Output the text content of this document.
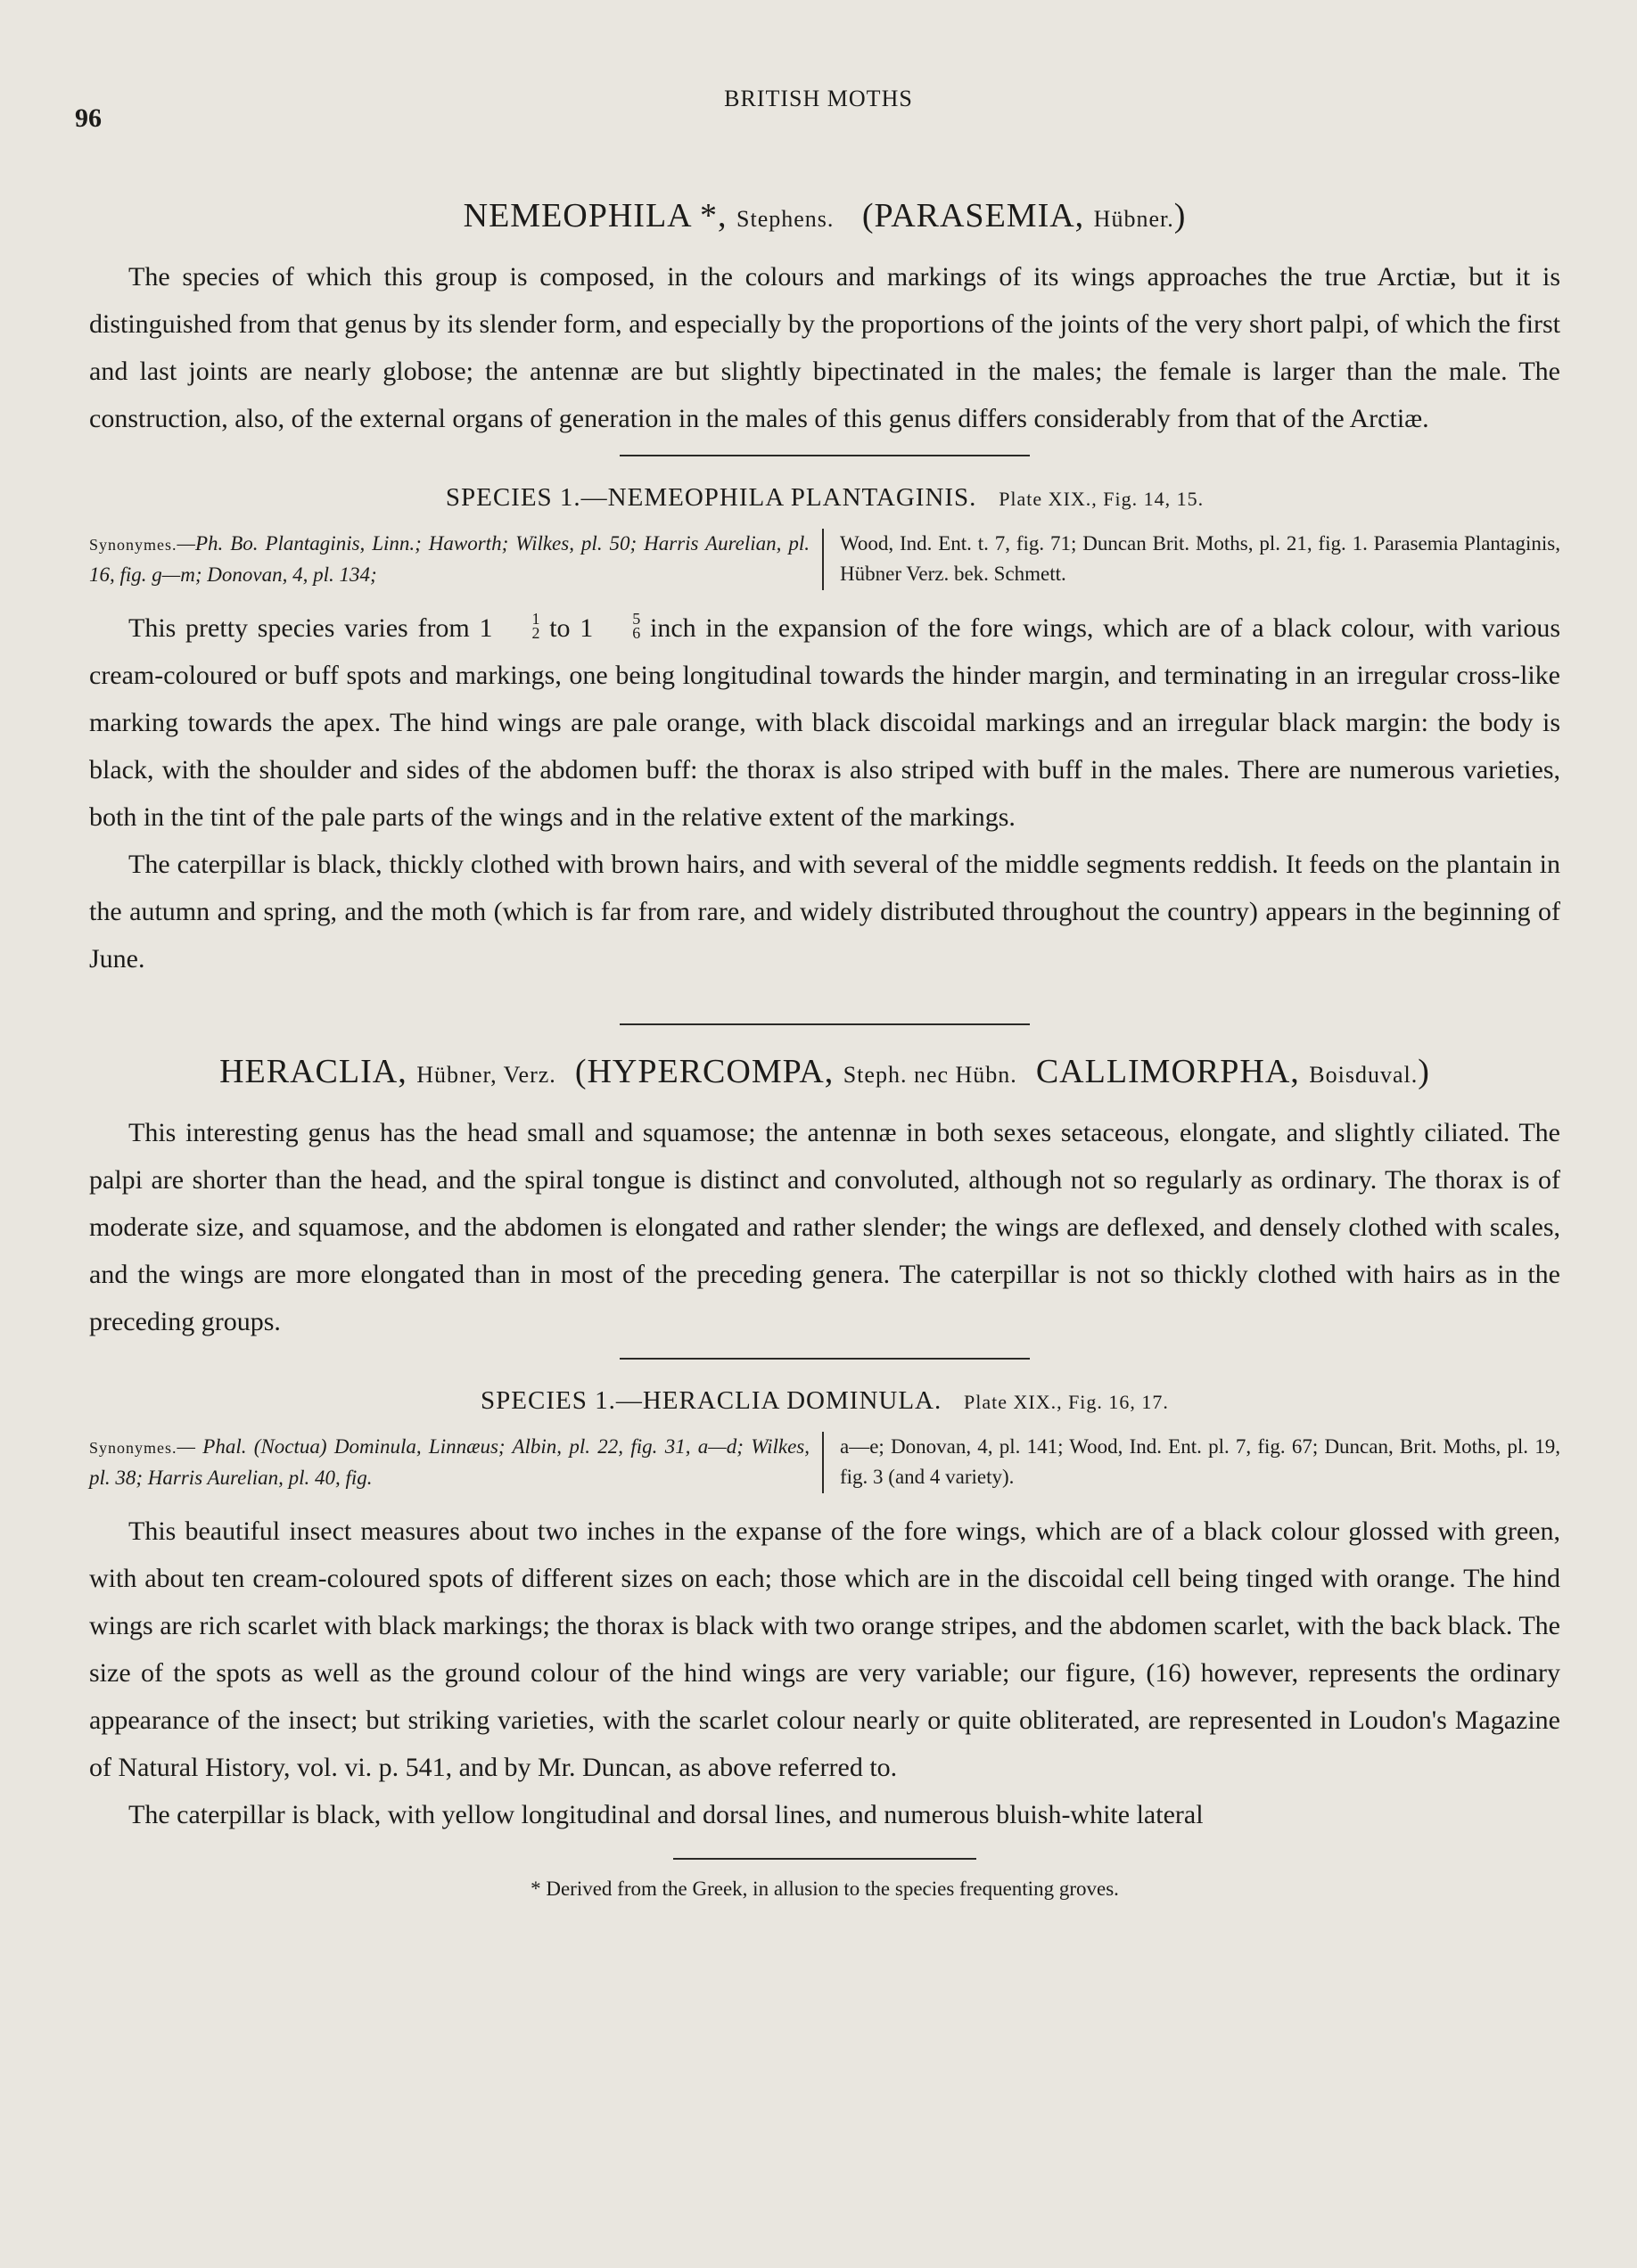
96
BRITISH MOTHS
NEMEOPHILA *, Stephens. (PARASEMIA, Hübner.)

The species of which this group is composed, in the colours and markings of its wings approaches the true Arctiæ, but it is distinguished from that genus by its slender form, and especially by the proportions of the joints of the very short palpi, of which the first and last joints are nearly globose; the antennæ are but slightly bipectinated in the males; the female is larger than the male. The construction, also, of the external organs of generation in the males of this genus differs considerably from that of the Arctiæ.

SPECIES 1.—NEMEOPHILA PLANTAGINIS. Plate XIX., Fig. 14, 15.
Synonymes.—Ph. Bo. Plantaginis, Linn.; Haworth; Wilkes, pl. 50; Harris Aurelian, pl. 16, fig. g—m; Donovan, 4, pl. 134;
Wood, Ind. Ent. t. 7, fig. 71; Duncan Brit. Moths, pl. 21, fig. 1. Parasemia Plantaginis, Hübner Verz. bek. Schmett.

This pretty species varies from 1	1
2 to 1	5
6 inch in the expansion of the fore wings, which are of a black colour, with various cream-coloured or buff spots and markings, one being longitudinal towards the hinder margin, and terminating in an irregular cross-like marking towards the apex. The hind wings are pale orange, with black discoidal markings and an irregular black margin: the body is black, with the shoulder and sides of the abdomen buff: the thorax is also striped with buff in the males. There are numerous varieties, both in the tint of the pale parts of the wings and in the relative extent of the markings.

The caterpillar is black, thickly clothed with brown hairs, and with several of the middle segments reddish. It feeds on the plantain in the autumn and spring, and the moth (which is far from rare, and widely distributed throughout the country) appears in the beginning of June.

HERACLIA, Hübner, Verz. (HYPERCOMPA, Steph. nec Hübn. CALLIMORPHA, Boisduval.)

This interesting genus has the head small and squamose; the antennæ in both sexes setaceous, elongate, and slightly ciliated. The palpi are shorter than the head, and the spiral tongue is distinct and convoluted, although not so regularly as ordinary. The thorax is of moderate size, and squamose, and the abdomen is elongated and rather slender; the wings are deflexed, and densely clothed with scales, and the wings are more elongated than in most of the preceding genera. The caterpillar is not so thickly clothed with hairs as in the preceding groups.

SPECIES 1.—HERACLIA DOMINULA. Plate XIX., Fig. 16, 17.
Synonymes.— Phal. (Noctua) Dominula, Linnæus; Albin, pl. 22, fig. 31, a—d; Wilkes, pl. 38; Harris Aurelian, pl. 40, fig.
a—e; Donovan, 4, pl. 141; Wood, Ind. Ent. pl. 7, fig. 67; Duncan, Brit. Moths, pl. 19, fig. 3 (and 4 variety).

This beautiful insect measures about two inches in the expanse of the fore wings, which are of a black colour glossed with green, with about ten cream-coloured spots of different sizes on each; those which are in the discoidal cell being tinged with orange. The hind wings are rich scarlet with black markings; the thorax is black with two orange stripes, and the abdomen scarlet, with the back black. The size of the spots as well as the ground colour of the hind wings are very variable; our figure, (16) however, represents the ordinary appearance of the insect; but striking varieties, with the scarlet colour nearly or quite obliterated, are represented in Loudon's Magazine of Natural History, vol. vi. p. 541, and by Mr. Duncan, as above referred to.

The caterpillar is black, with yellow longitudinal and dorsal lines, and numerous bluish-white lateral

* Derived from the Greek, in allusion to the species frequenting groves.
